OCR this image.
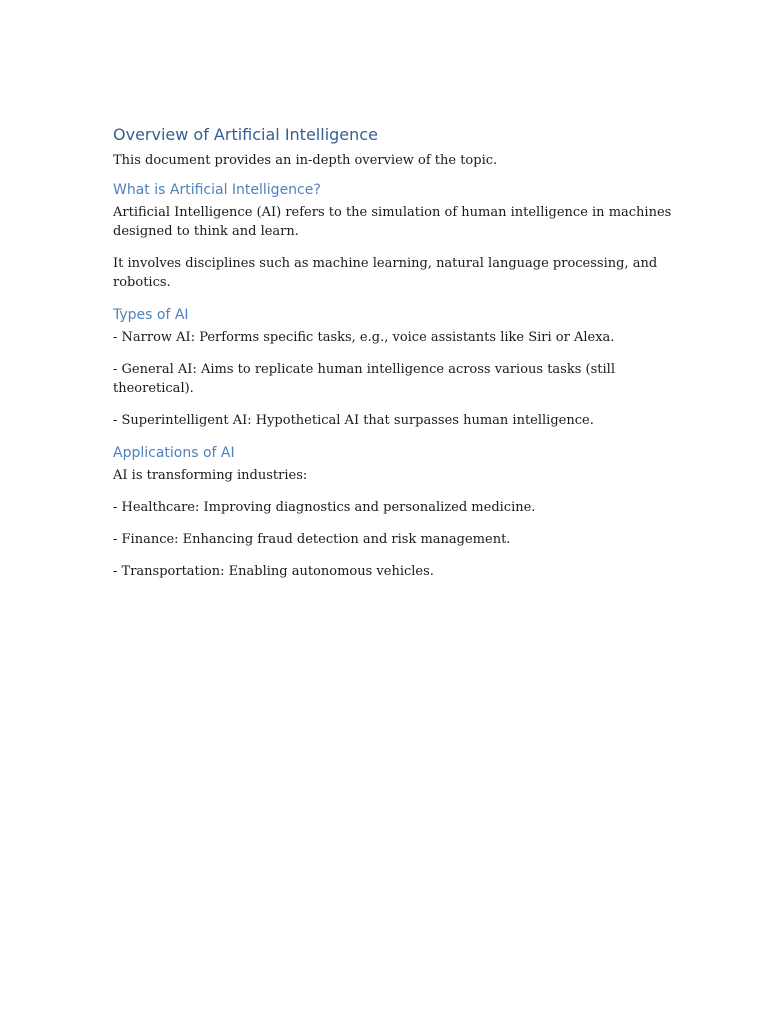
Overview of Artificial Intelligence

This document provides an in-depth overview of the topic.

What is Artificial Intelligence?

Artificial Intelligence (AI) refers to the simulation of human intelligence in machines designed to think and learn.

It involves disciplines such as machine learning, natural language processing, and robotics.

Types of AI

- Narrow AI: Performs specific tasks, e.g., voice assistants like Siri or Alexa.

- General AI: Aims to replicate human intelligence across various tasks (still theoretical).

- Superintelligent AI: Hypothetical AI that surpasses human intelligence.

Applications of AI

AI is transforming industries:

- Healthcare: Improving diagnostics and personalized medicine.

- Finance: Enhancing fraud detection and risk management.

- Transportation: Enabling autonomous vehicles.
